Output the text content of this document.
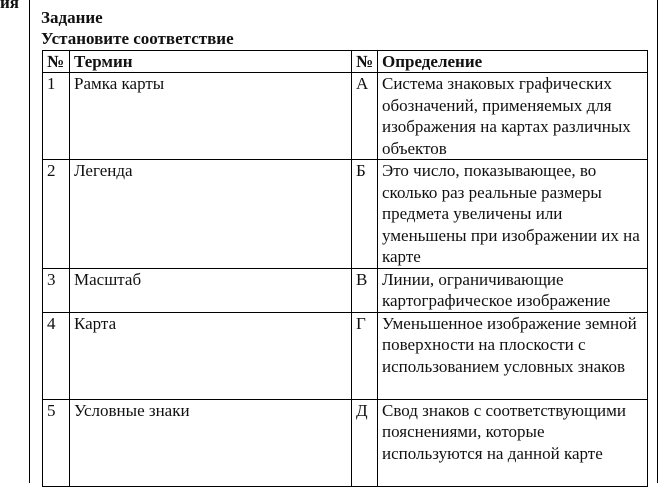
ия
Задание
Установите соответствие
№	Термин	№	Определение
1	Рамка карты	А	Система знаковых графических обозначений, применяемых для изображения на картах различных объектов
2	Легенда	Б	Это число, показывающее, во сколько раз реальные размеры предмета увеличены или уменьшены при изображении их на карте
3	Масштаб	В	Линии, ограничивающие картографическое изображение
4	Карта	Г	Уменьшенное изображение земной поверхности на плоскости с использованием условных знаков
5	Условные знаки	Д	Свод знаков с соответствующими пояснениями, которые используются на данной карте
